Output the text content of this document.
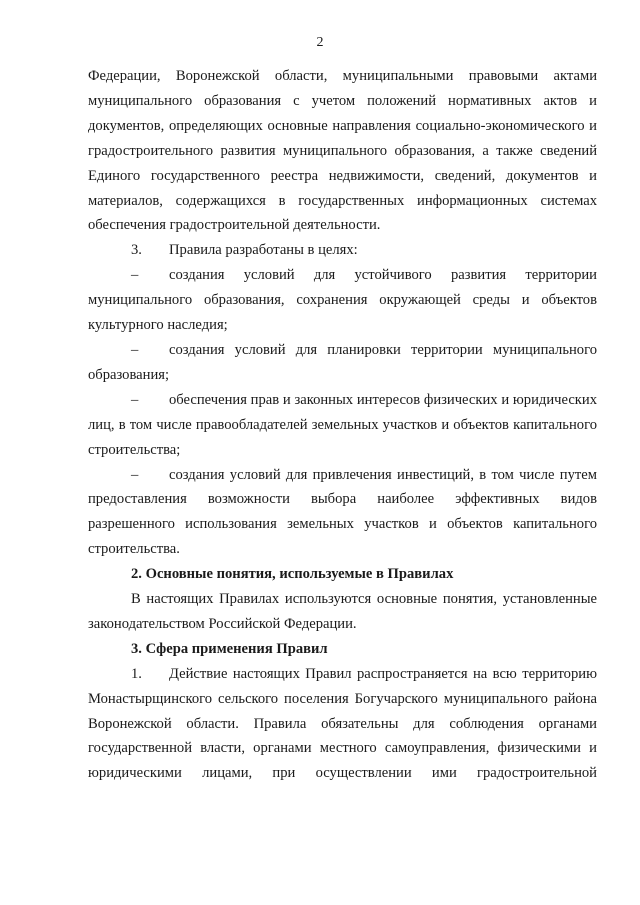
2

Федерации, Воронежской области, муниципальными правовыми актами муниципального образования с учетом положений нормативных актов и документов, определяющих основные направления социально-экономического и градостроительного развития муниципального образования, а также сведений Единого государственного реестра недвижимости, сведений, документов и материалов, содержащихся в государственных информационных системах обеспечения градостроительной деятельности.

3. Правила разработаны в целях:

– создания условий для устойчивого развития территории муниципального образования, сохранения окружающей среды и объектов культурного наследия;

– создания условий для планировки территории муниципального образования;

– обеспечения прав и законных интересов физических и юридических лиц, в том числе правообладателей земельных участков и объектов капитального строительства;

– создания условий для привлечения инвестиций, в том числе путем предоставления возможности выбора наиболее эффективных видов разрешенного использования земельных участков и объектов капитального строительства.

2. Основные понятия, используемые в Правилах

В настоящих Правилах используются основные понятия, установленные законодательством Российской Федерации.

3. Сфера применения Правил

1. Действие настоящих Правил распространяется на всю территорию Монастырщинского сельского поселения Богучарского муниципального района Воронежской области. Правила обязательны для соблюдения органами государственной власти, органами местного самоуправления, физическими и юридическими лицами, при осуществлении ими градостроительной
